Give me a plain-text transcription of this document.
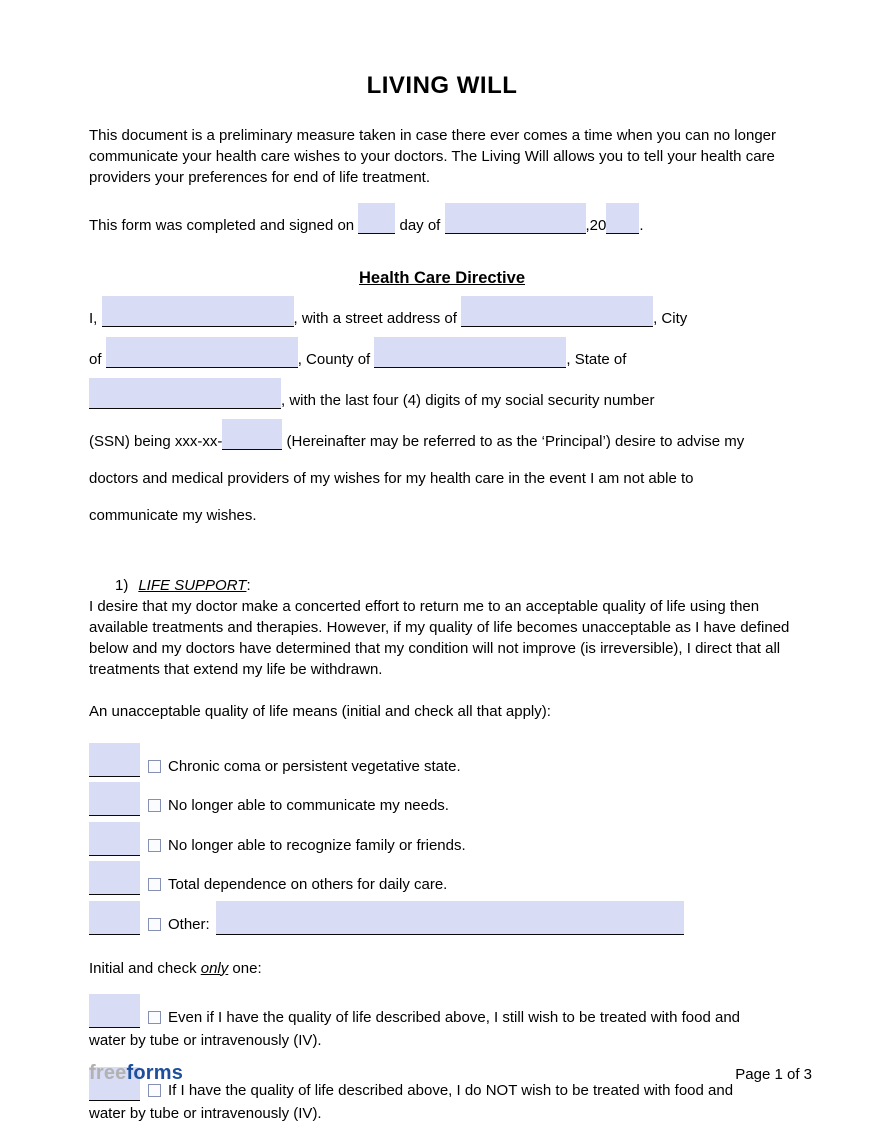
LIVING WILL

This document is a preliminary measure taken in case there ever comes a time when you can no longer communicate your health care wishes to your doctors. The Living Will allows you to tell your health care providers your preferences for end of life treatment.

This form was completed and signed on  day of	,20 .
Health Care Directive
I,	, with a street address of	, City
of	, County of	, State of
, with the last four (4) digits of my social security number
(SSN) being xxx-xx-	(Hereinafter may be referred to as the ‘Principal’) desire to advise my
doctors and medical providers of my wishes for my health care in the event I am not able to
communicate my wishes.
1) LIFE SUPPORT:

I desire that my doctor make a concerted effort to return me to an acceptable quality of life using then available treatments and therapies. However, if my quality of life becomes unacceptable as I have defined below and my doctors have determined that my condition will not improve (is irreversible), I direct that all treatments that extend my life be withdrawn.

An unacceptable quality of life means (initial and check all that apply):

Chronic coma or persistent vegetative state.
No longer able to communicate my needs.
No longer able to recognize family or friends.
Total dependence on others for daily care.
Other:

Initial and check only one:

Even if I have the quality of life described above, I still wish to be treated with food and
water by tube or intravenously (IV).
If I have the quality of life described above, I do NOT wish to be treated with food and
water by tube or intravenously (IV).
freeforms	Page 1 of 3
